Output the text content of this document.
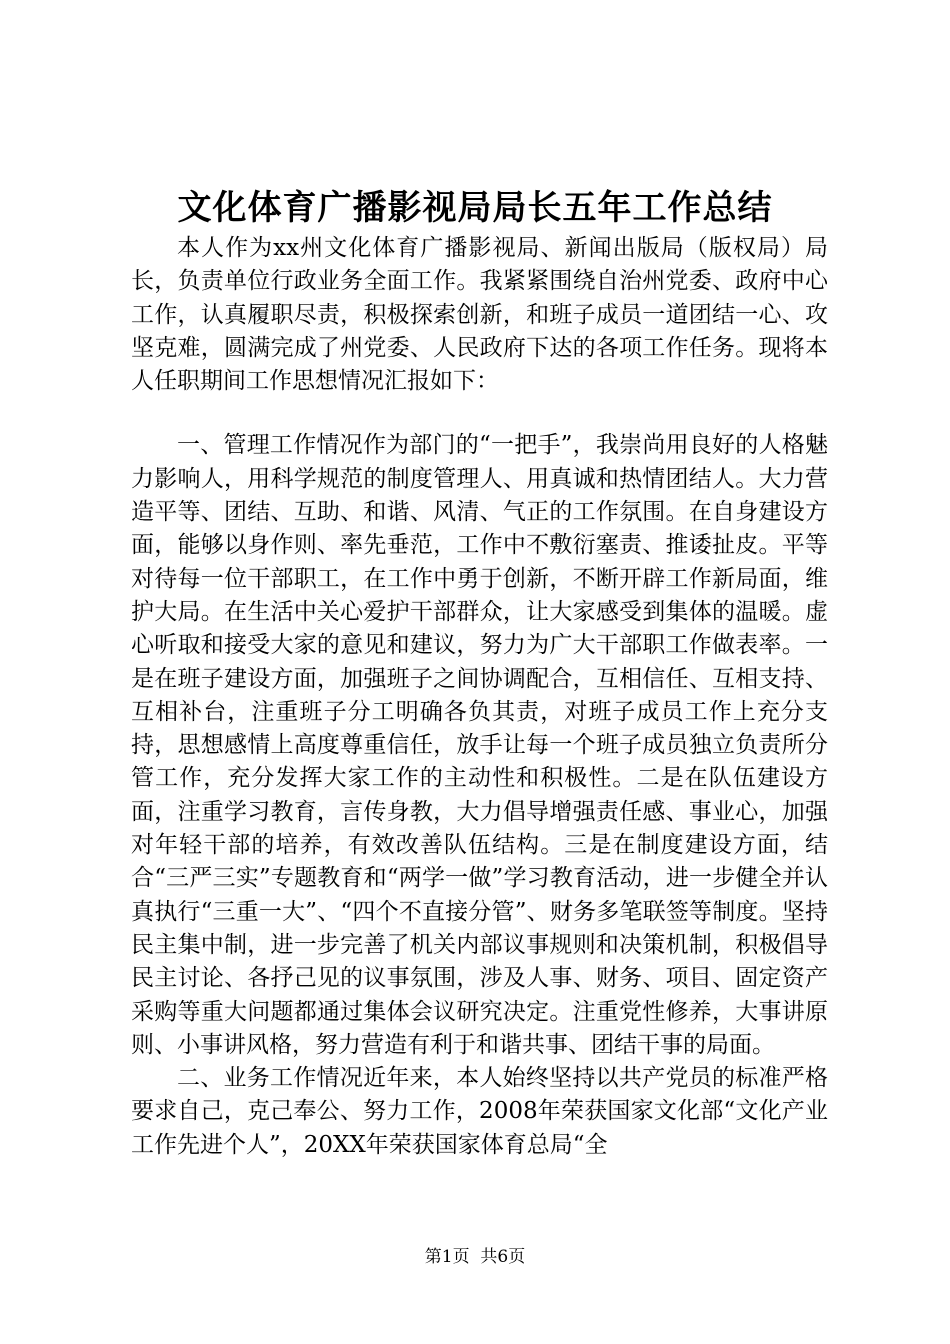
文化体育广播影视局局长五年工作总结

本人作为xx州文化体育广播影视局、新闻出版局（版权局）局长，负责单位行政业务全面工作。我紧紧围绕自治州党委、政府中心工作，认真履职尽责，积极探索创新，和班子成员一道团结一心、攻坚克难，圆满完成了州党委、人民政府下达的各项工作任务。现将本人任职期间工作思想情况汇报如下：

一、管理工作情况作为部门的“一把手”，我崇尚用良好的人格魅力影响人，用科学规范的制度管理人、用真诚和热情团结人。大力营造平等、团结、互助、和谐、风清、气正的工作氛围。在自身建设方面，能够以身作则、率先垂范，工作中不敷衍塞责、推诿扯皮。平等对待每一位干部职工，在工作中勇于创新，不断开辟工作新局面，维护大局。在生活中关心爱护干部群众，让大家感受到集体的温暖。虚心听取和接受大家的意见和建议，努力为广大干部职工作做表率。一是在班子建设方面，加强班子之间协调配合，互相信任、互相支持、互相补台，注重班子分工明确各负其责，对班子成员工作上充分支持，思想感情上高度尊重信任，放手让每一个班子成员独立负责所分管工作，充分发挥大家工作的主动性和积极性。二是在队伍建设方面，注重学习教育，言传身教，大力倡导增强责任感、事业心，加强对年轻干部的培养，有效改善队伍结构。三是在制度建设方面，结合“三严三实”专题教育和“两学一做”学习教育活动，进一步健全并认真执行“三重一大”、“四个不直接分管”、财务多笔联签等制度。坚持民主集中制，进一步完善了机关内部议事规则和决策机制，积极倡导民主讨论、各抒己见的议事氛围，涉及人事、财务、项目、固定资产采购等重大问题都通过集体会议研究决定。注重党性修养，大事讲原则、小事讲风格，努力营造有利于和谐共事、团结干事的局面。

二、业务工作情况近年来，本人始终坚持以共产党员的标准严格要求自己，克己奉公、努力工作，2008年荣获国家文化部“文化产业工作先进个人”，20XX年荣获国家体育总局“全

第1页  共6页
